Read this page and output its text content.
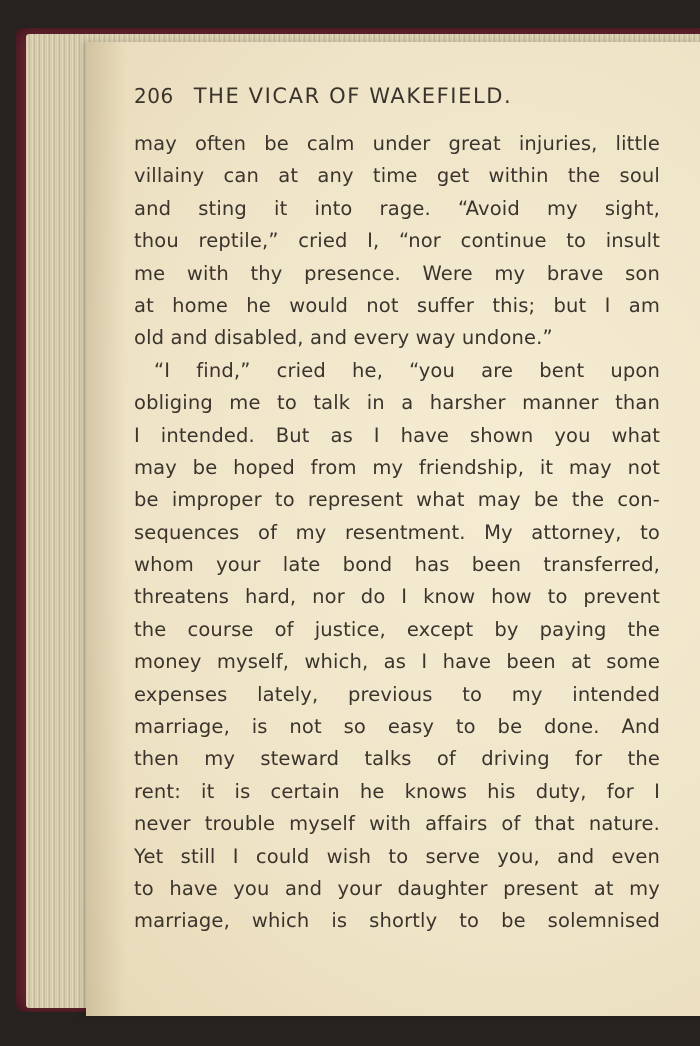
206 THE VICAR OF WAKEFIELD.
may often be calm under great injuries, little
villainy can at any time get within the soul
and sting it into rage. “Avoid my sight,
thou reptile,” cried I, “nor continue to insult
me with thy presence. Were my brave son
at home he would not suffer this; but I am
old and disabled, and every way undone.”
“I find,” cried he, “you are bent upon
obliging me to talk in a harsher manner than
I intended. But as I have shown you what
may be hoped from my friendship, it may not
be improper to represent what may be the con-
sequences of my resentment. My attorney, to
whom your late bond has been transferred,
threatens hard, nor do I know how to prevent
the course of justice, except by paying the
money myself, which, as I have been at some
expenses lately, previous to my intended
marriage, is not so easy to be done. And
then my steward talks of driving for the
rent: it is certain he knows his duty, for I
never trouble myself with affairs of that nature.
Yet still I could wish to serve you, and even
to have you and your daughter present at my
marriage, which is shortly to be solemnised
